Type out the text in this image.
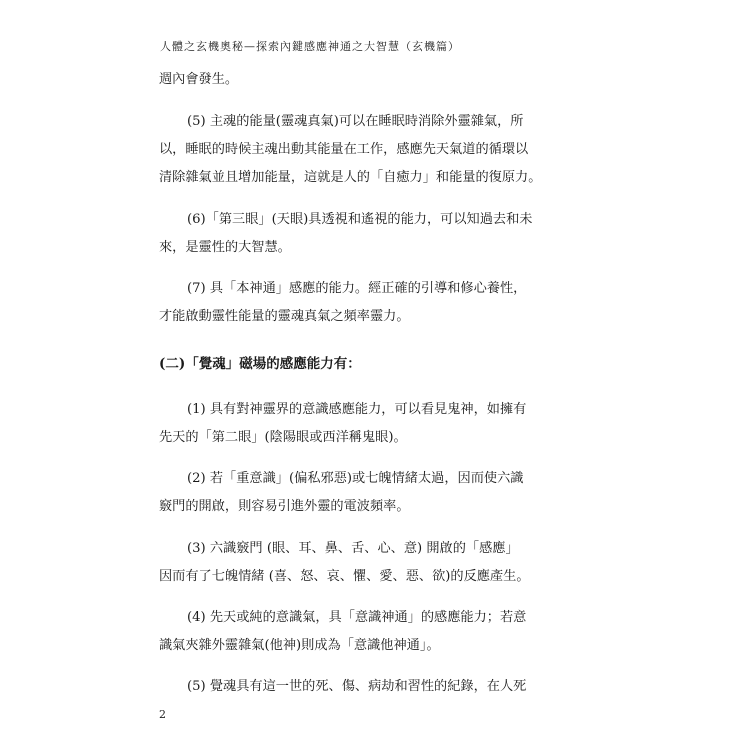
人體之玄機奧秘—探索內鍵感應神通之大智慧（玄機篇）

週內會發生。

(5) 主魂的能量(靈魂真氣)可以在睡眠時消除外靈雜氣，所
以，睡眠的時候主魂出動其能量在工作，感應先天氣道的循環以
清除雜氣並且增加能量，這就是人的「自癒力」和能量的復原力。

(6)「第三眼」(天眼)具透視和遙視的能力，可以知過去和未
來，是靈性的大智慧。

(7) 具「本神通」感應的能力。經正確的引導和修心養性，
才能啟動靈性能量的靈魂真氣之頻率靈力。

(二)「覺魂」磁場的感應能力有：

(1) 具有對神靈界的意識感應能力，可以看見鬼神，如擁有
先天的「第二眼」(陰陽眼或西洋稱鬼眼)。

(2) 若「重意識」(偏私邪惡)或七魄情緒太過，因而使六識
竅門的開啟，則容易引進外靈的電波頻率。

(3) 六識竅門 (眼、耳、鼻、舌、心、意) 開啟的「感應」
因而有了七魄情緒 (喜、怒、哀、懼、愛、惡、欲)的反應產生。

(4) 先天或純的意識氣，具「意識神通」的感應能力；若意
識氣夾雜外靈雜氣(他神)則成為「意識他神通」。

(5) 覺魂具有這一世的死、傷、病劫和習性的紀錄，在人死

2
